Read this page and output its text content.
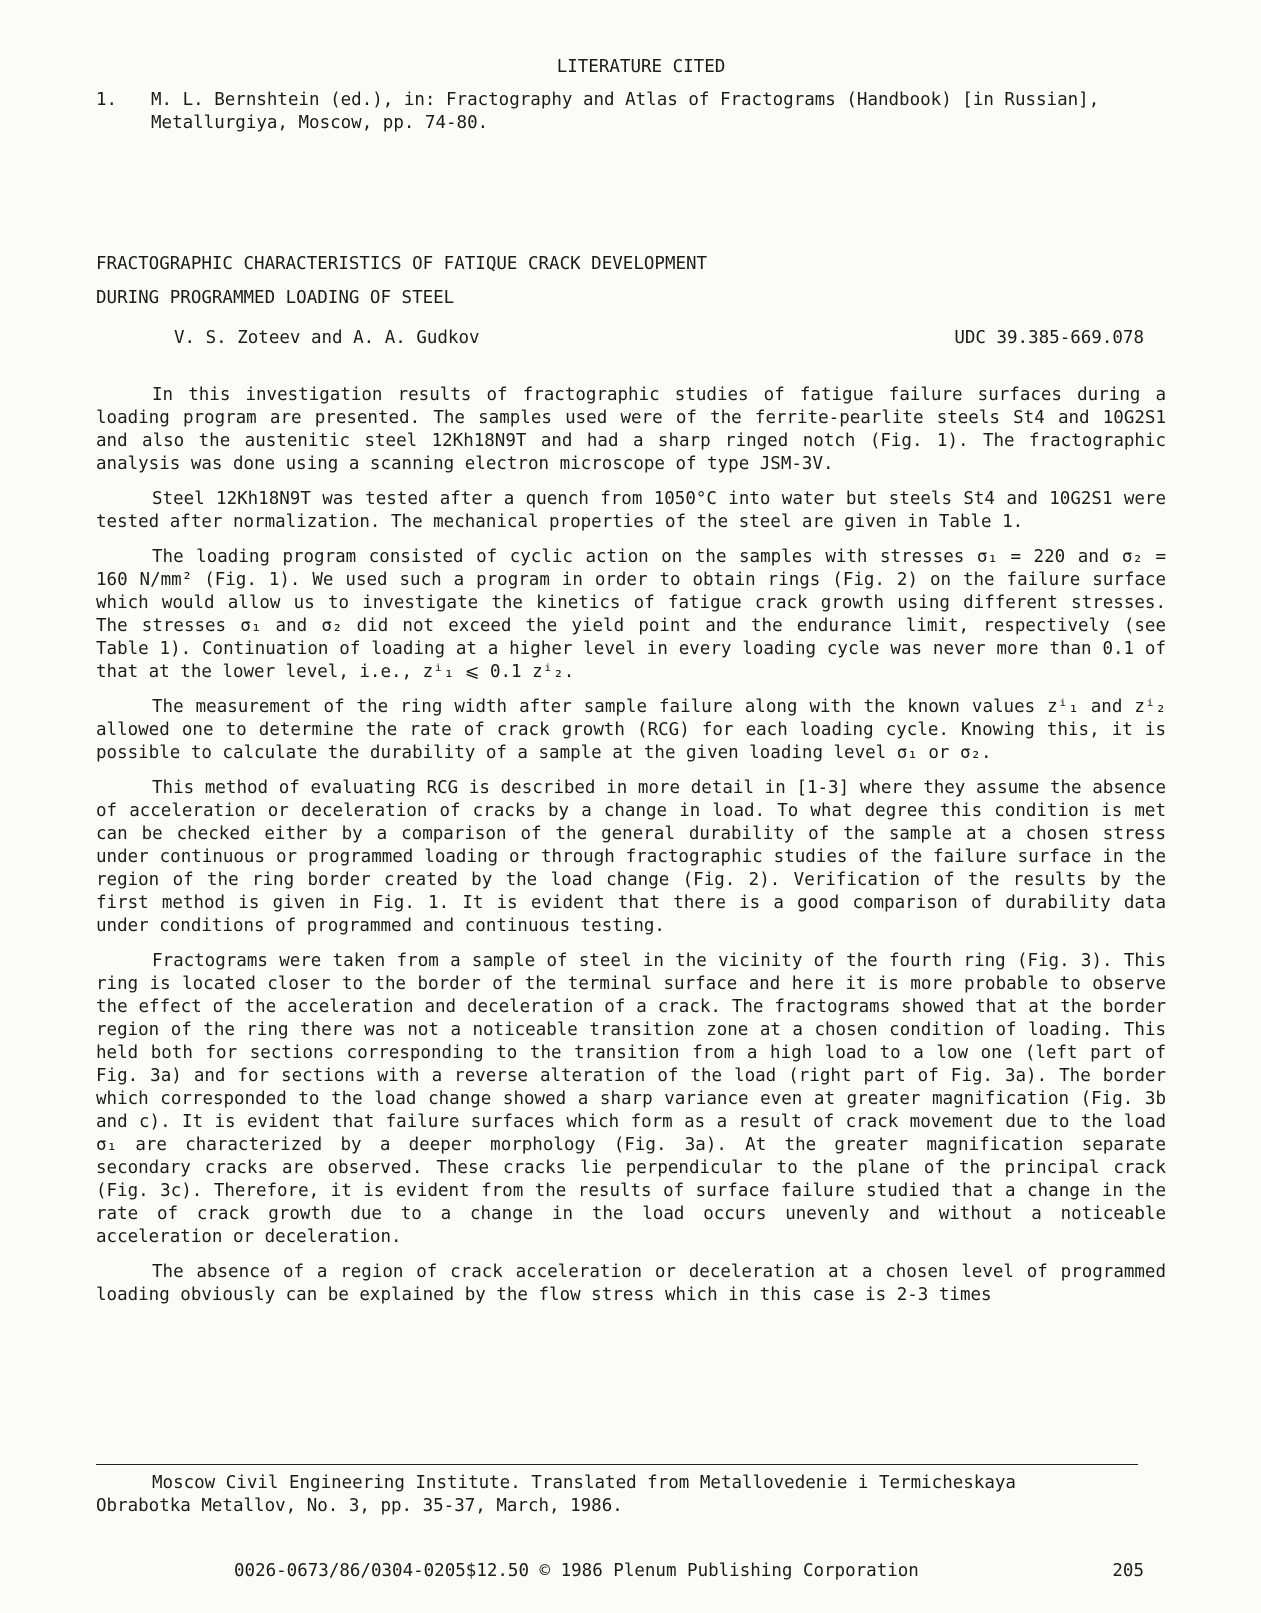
LITERATURE CITED
1.	M. L. Bernshtein (ed.), in: Fractography and Atlas of Fractograms (Handbook) [in Russian], Metallurgiya, Moscow, pp. 74-80.
FRACTOGRAPHIC CHARACTERISTICS OF FATIQUE CRACK DEVELOPMENT
DURING PROGRAMMED LOADING OF STEEL
V. S. Zoteev and A. A. Gudkov	UDC 39.385-669.078

In this investigation results of fractographic studies of fatigue failure surfaces during a loading program are presented. The samples used were of the ferrite-pearlite steels St4 and 10G2S1 and also the austenitic steel 12Kh18N9T and had a sharp ringed notch (Fig. 1). The fractographic analysis was done using a scanning electron microscope of type JSM-3V.

Steel 12Kh18N9T was tested after a quench from 1050°C into water but steels St4 and 10G2S1 were tested after normalization. The mechanical properties of the steel are given in Table 1.

The loading program consisted of cyclic action on the samples with stresses σ₁ = 220 and σ₂ = 160 N/mm² (Fig. 1). We used such a program in order to obtain rings (Fig. 2) on the failure surface which would allow us to investigate the kinetics of fatigue crack growth using different stresses. The stresses σ₁ and σ₂ did not exceed the yield point and the endurance limit, respectively (see Table 1). Continuation of loading at a higher level in every loading cycle was never more than 0.1 of that at the lower level, i.e., zⁱ₁ ⩽ 0.1 zⁱ₂.

The measurement of the ring width after sample failure along with the known values zⁱ₁ and zⁱ₂ allowed one to determine the rate of crack growth (RCG) for each loading cycle. Knowing this, it is possible to calculate the durability of a sample at the given loading level σ₁ or σ₂.

This method of evaluating RCG is described in more detail in [1-3] where they assume the absence of acceleration or deceleration of cracks by a change in load. To what degree this condition is met can be checked either by a comparison of the general durability of the sample at a chosen stress under continuous or programmed loading or through fractographic studies of the failure surface in the region of the ring border created by the load change (Fig. 2). Verification of the results by the first method is given in Fig. 1. It is evident that there is a good comparison of durability data under conditions of programmed and continuous testing.

Fractograms were taken from a sample of steel in the vicinity of the fourth ring (Fig. 3). This ring is located closer to the border of the terminal surface and here it is more probable to observe the effect of the acceleration and deceleration of a crack. The fractograms showed that at the border region of the ring there was not a noticeable transition zone at a chosen condition of loading. This held both for sections corresponding to the transition from a high load to a low one (left part of Fig. 3a) and for sections with a reverse alteration of the load (right part of Fig. 3a). The border which corresponded to the load change showed a sharp variance even at greater magnification (Fig. 3b and c). It is evident that failure surfaces which form as a result of crack movement due to the load σ₁ are characterized by a deeper morphology (Fig. 3a). At the greater magnification separate secondary cracks are observed. These cracks lie perpendicular to the plane of the principal crack (Fig. 3c). Therefore, it is evident from the results of surface failure studied that a change in the rate of crack growth due to a change in the load occurs unevenly and without a noticeable acceleration or deceleration.

The absence of a region of crack acceleration or deceleration at a chosen level of programmed loading obviously can be explained by the flow stress which in this case is 2-3 times

Moscow Civil Engineering Institute. Translated from Metallovedenie i Termicheskaya

Obrabotka Metallov, No. 3, pp. 35-37, March, 1986.
0026-0673/86/0304-0205$12.50 © 1986 Plenum Publishing Corporation	205
